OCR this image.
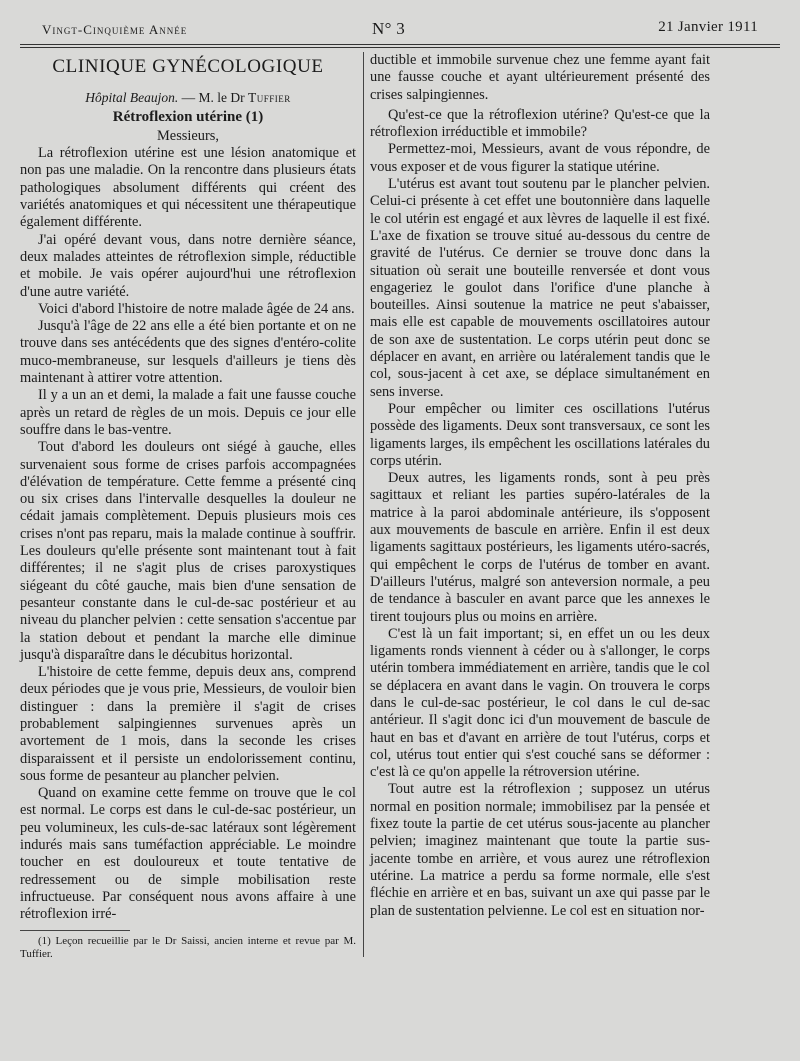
Vingt-Cinquième Année	N° 3	21 Janvier 1911
CLINIQUE GYNÉCOLOGIQUE
Hôpital Beaujon. — M. le Dr Tuffier
Rétroflexion utérine (1)

Messieurs,

La rétroflexion utérine est une lésion anatomique et non pas une maladie. On la rencontre dans plusieurs états pathologiques absolument différents qui créent des variétés anatomiques et qui nécessitent une thérapeutique également différente.

J'ai opéré devant vous, dans notre dernière séance, deux malades atteintes de rétroflexion simple, réductible et mobile. Je vais opérer aujourd'hui une rétroflexion d'une autre variété.

Voici d'abord l'histoire de notre malade âgée de 24 ans.

Jusqu'à l'âge de 22 ans elle a été bien portante et on ne trouve dans ses antécédents que des signes d'entéro-colite muco-membraneuse, sur lesquels d'ailleurs je tiens dès maintenant à attirer votre attention.

Il y a un an et demi, la malade a fait une fausse couche après un retard de règles de un mois. Depuis ce jour elle souffre dans le bas-ventre.

Tout d'abord les douleurs ont siégé à gauche, elles survenaient sous forme de crises parfois accompagnées d'élévation de température. Cette femme a présenté cinq ou six crises dans l'intervalle desquelles la douleur ne cédait jamais complètement. Depuis plusieurs mois ces crises n'ont pas reparu, mais la malade continue à souffrir. Les douleurs qu'elle présente sont maintenant tout à fait différentes; il ne s'agit plus de crises paroxystiques siégeant du côté gauche, mais bien d'une sensation de pesanteur constante dans le cul-de-sac postérieur et au niveau du plancher pelvien : cette sensation s'accentue par la station debout et pendant la marche elle diminue jusqu'à disparaître dans le décubitus horizontal.

L'histoire de cette femme, depuis deux ans, comprend deux périodes que je vous prie, Messieurs, de vouloir bien distinguer : dans la première il s'agit de crises probablement salpingiennes survenues après un avortement de 1 mois, dans la seconde les crises disparaissent et il persiste un endolorissement continu, sous forme de pesanteur au plancher pelvien.

Quand on examine cette femme on trouve que le col est normal. Le corps est dans le cul-de-sac postérieur, un peu volumineux, les culs-de-sac latéraux sont légèrement indurés mais sans tuméfaction appréciable. Le moindre toucher en est douloureux et toute tentative de redressement ou de simple mobilisation reste infructueuse. Par conséquent nous avons affaire à une rétroflexion irré-

(1) Leçon recueillie par le Dr Saissi, ancien interne et revue par M. Tuffier.

ductible et immobile survenue chez une femme ayant fait une fausse couche et ayant ultérieurement présenté des crises salpingiennes.

Qu'est-ce que la rétroflexion utérine? Qu'est-ce que la rétroflexion irréductible et immobile?

Permettez-moi, Messieurs, avant de vous répondre, de vous exposer et de vous figurer la statique utérine.

L'utérus est avant tout soutenu par le plancher pelvien. Celui-ci présente à cet effet une boutonnière dans laquelle le col utérin est engagé et aux lèvres de laquelle il est fixé. L'axe de fixation se trouve situé au-dessous du centre de gravité de l'utérus. Ce dernier se trouve donc dans la situation où serait une bouteille renversée et dont vous engageriez le goulot dans l'orifice d'une planche à bouteilles. Ainsi soutenue la matrice ne peut s'abaisser, mais elle est capable de mouvements oscillatoires autour de son axe de sustentation. Le corps utérin peut donc se déplacer en avant, en arrière ou latéralement tandis que le col, sous-jacent à cet axe, se déplace simultanément en sens inverse.

Pour empêcher ou limiter ces oscillations l'utérus possède des ligaments. Deux sont transversaux, ce sont les ligaments larges, ils empêchent les oscillations latérales du corps utérin.

Deux autres, les ligaments ronds, sont à peu près sagittaux et reliant les parties supéro-latérales de la matrice à la paroi abdominale antérieure, ils s'opposent aux mouvements de bascule en arrière. Enfin il est deux ligaments sagittaux postérieurs, les ligaments utéro-sacrés, qui empêchent le corps de l'utérus de tomber en avant. D'ailleurs l'utérus, malgré son anteversion normale, a peu de tendance à basculer en avant parce que les annexes le tirent toujours plus ou moins en arrière.

C'est là un fait important; si, en effet un ou les deux ligaments ronds viennent à céder ou à s'allonger, le corps utérin tombera immédiatement en arrière, tandis que le col se déplacera en avant dans le vagin. On trouvera le corps dans le cul-de-sac postérieur, le col dans le cul de-sac antérieur. Il s'agit donc ici d'un mouvement de bascule de haut en bas et d'avant en arrière de tout l'utérus, corps et col, utérus tout entier qui s'est couché sans se déformer : c'est là ce qu'on appelle la rétroversion utérine.

Tout autre est la rétroflexion ; supposez un utérus normal en position normale; immobilisez par la pensée et fixez toute la partie de cet utérus sous-jacente au plancher pelvien; imaginez maintenant que toute la partie sus-jacente tombe en arrière, et vous aurez une rétroflexion utérine. La matrice a perdu sa forme normale, elle s'est fléchie en arrière et en bas, suivant un axe qui passe par le plan de sustentation pelvienne. Le col est en situation nor-
